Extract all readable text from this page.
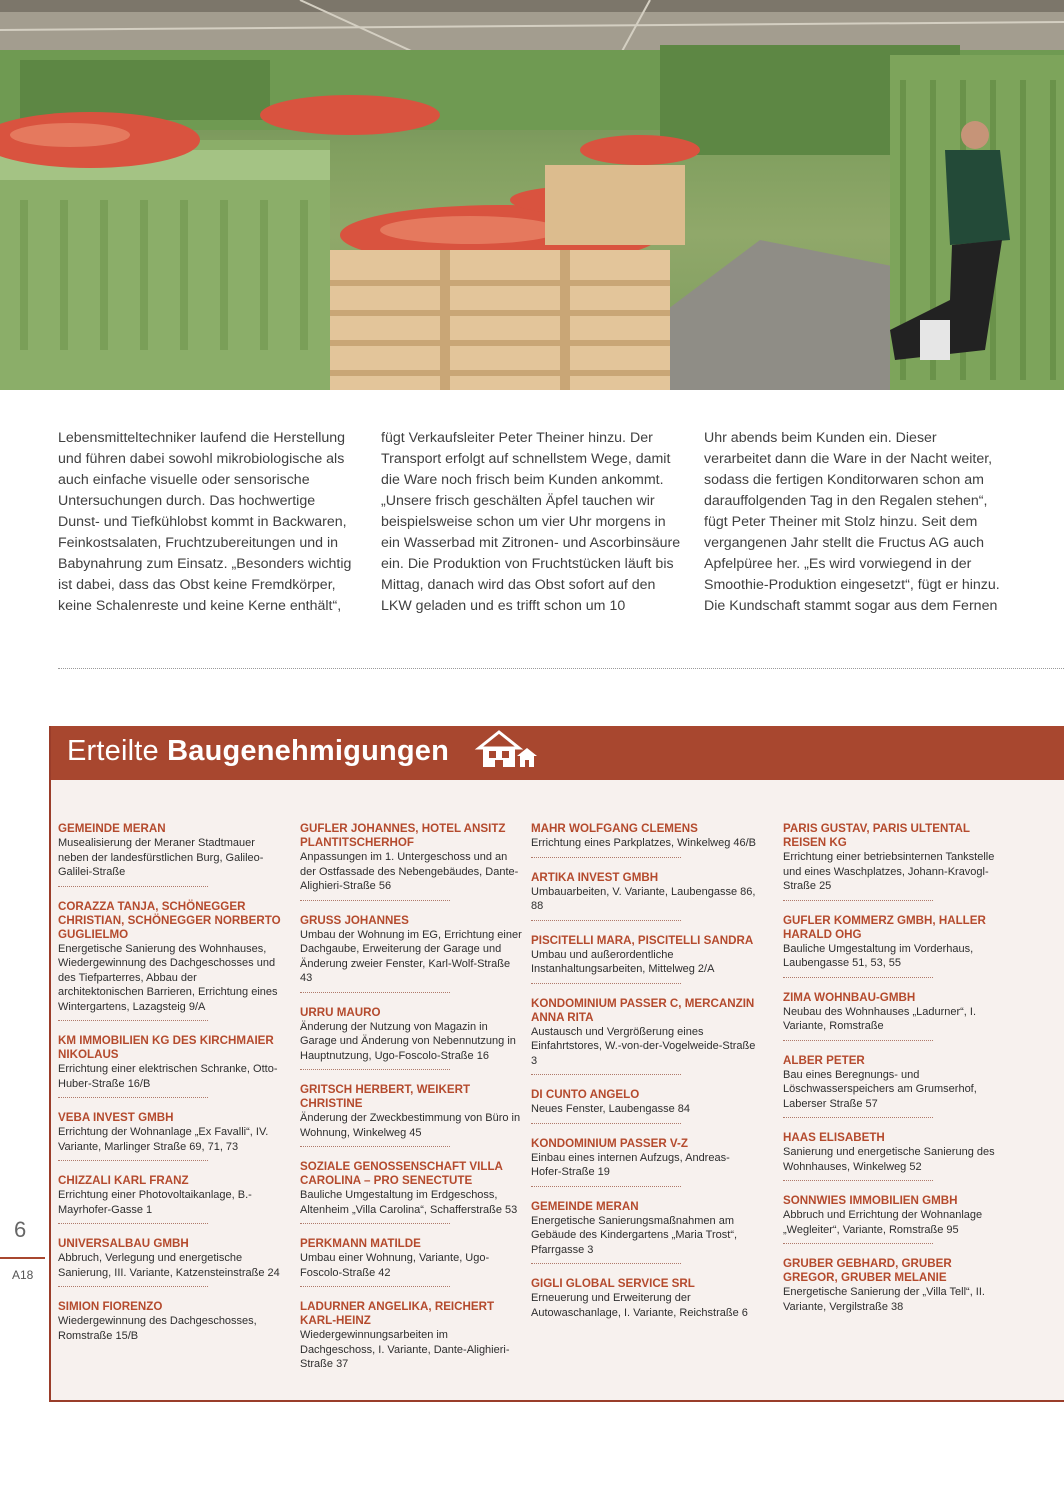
Lebensmitteltechniker laufend die Herstellung und führen dabei sowohl mikrobiologische als auch einfache visuelle oder sensorische Untersuchungen durch. Das hochwertige Dunst- und Tiefkühlobst kommt in Backwaren, Feinkostsalaten, Fruchtzubereitungen und in Babynahrung zum Einsatz. „Besonders wichtig ist dabei, dass das Obst keine Fremdkörper, keine Schalenreste und keine Kerne enthält“,
fügt Verkaufsleiter Peter Theiner hinzu. Der Transport erfolgt auf schnellstem Wege, damit die Ware noch frisch beim Kunden ankommt. „Unsere frisch geschälten Äpfel tauchen wir beispielsweise schon um vier Uhr morgens in ein Wasserbad mit Zitronen- und Ascorbinsäure ein. Die Produktion von Fruchtstücken läuft bis Mittag, danach wird das Obst sofort auf den LKW geladen und es trifft schon um 10
Uhr abends beim Kunden ein. Dieser verarbeitet dann die Ware in der Nacht weiter, sodass die fertigen Konditorwaren schon am darauffolgenden Tag in den Regalen stehen“, fügt Peter Theiner mit Stolz hinzu. Seit dem vergangenen Jahr stellt die Fructus AG auch Apfelpüree her. „Es wird vorwiegend in der Smoothie-Produktion eingesetzt“, fügt er hinzu. Die Kundschaft stammt sogar aus dem Fernen
Erteilte Baugenehmigungen
GEMEINDE MERAN
Musealisierung der Meraner Stadtmauer neben der landesfürstlichen Burg, Galileo-Galilei-Straße
CORAZZA TANJA, SCHÖNEGGER CHRISTIAN, SCHÖNEGGER NORBERTO GUGLIELMO
Energetische Sanierung des Wohnhauses, Wiedergewinnung des Dachgeschosses und des Tiefparterres, Abbau der architektonischen Barrieren, Errichtung eines Wintergartens, Lazagsteig 9/A
KM IMMOBILIEN KG DES KIRCHMAIER NIKOLAUS
Errichtung einer elektrischen Schranke, Otto-Huber-Straße 16/B
VEBA INVEST GMBH
Errichtung der Wohnanlage „Ex Favalli“, IV. Variante, Marlinger Straße 69, 71, 73
CHIZZALI KARL FRANZ
Errichtung einer Photovoltaikanlage, B.-Mayrhofer-Gasse 1
UNIVERSALBAU GMBH
Abbruch, Verlegung und energetische Sanierung, III. Variante, Katzensteinstraße 24
SIMION FIORENZO
Wiedergewinnung des Dachgeschosses, Romstraße 15/B
GUFLER JOHANNES, HOTEL ANSITZ PLANTITSCHERHOF
Anpassungen im 1. Untergeschoss und an der Ostfassade des Nebengebäudes, Dante-Alighieri-Straße 56
GRUSS JOHANNES
Umbau der Wohnung im EG, Errichtung einer Dachgaube, Erweiterung der Garage und Änderung zweier Fenster, Karl-Wolf-Straße 43
URRU MAURO
Änderung der Nutzung von Magazin in Garage und Änderung von Nebennutzung in Hauptnutzung, Ugo-Foscolo-Straße 16
GRITSCH HERBERT, WEIKERT CHRISTINE
Änderung der Zweckbestimmung von Büro in Wohnung, Winkelweg 45
SOZIALE GENOSSENSCHAFT VILLA CAROLINA – PRO SENECTUTE
Bauliche Umgestaltung im Erdgeschoss, Altenheim „Villa Carolina“, Schafferstraße 53
PERKMANN MATILDE
Umbau einer Wohnung, Variante, Ugo-Foscolo-Straße 42
LADURNER ANGELIKA, REICHERT KARL-HEINZ
Wiedergewinnungsarbeiten im Dachgeschoss, I. Variante, Dante-Alighieri-Straße 37
MAHR WOLFGANG CLEMENS
Errichtung eines Parkplatzes, Winkelweg 46/B
ARTIKA INVEST GMBH
Umbauarbeiten, V. Variante, Laubengasse 86, 88
PISCITELLI MARA, PISCITELLI SANDRA
Umbau und außerordentliche Instanhaltungsarbeiten, Mittelweg 2/A
KONDOMINIUM PASSER C, MERCANZIN ANNA RITA
Austausch und Vergrößerung eines Einfahrtstores, W.-von-der-Vogelweide-Straße 3
DI CUNTO ANGELO
Neues Fenster, Laubengasse 84
KONDOMINIUM PASSER V-Z
Einbau eines internen Aufzugs, Andreas-Hofer-Straße 19
GEMEINDE MERAN
Energetische Sanierungsmaßnahmen am Gebäude des Kindergartens „Maria Trost“, Pfarrgasse 3
GIGLI GLOBAL SERVICE SRL
Erneuerung und Erweiterung der Autowaschanlage, I. Variante, Reichstraße 6
PARIS GUSTAV, PARIS ULTENTAL REISEN KG
Errichtung einer betriebsinternen Tankstelle und eines Waschplatzes, Johann-Kravogl-Straße 25
GUFLER KOMMERZ GMBH, HALLER HARALD OHG
Bauliche Umgestaltung im Vorderhaus, Laubengasse 51, 53, 55
ZIMA WOHNBAU-GMBH
Neubau des Wohnhauses „Ladurner“, I. Variante, Romstraße
ALBER PETER
Bau eines Beregnungs- und Löschwasserspeichers am Grumserhof, Laberser Straße 57
HAAS ELISABETH
Sanierung und energetische Sanierung des Wohnhauses, Winkelweg 52
SONNWIES IMMOBILIEN GMBH
Abbruch und Errichtung der Wohnanlage „Wegleiter“, Variante, Romstraße 95
GRUBER GEBHARD, GRUBER GREGOR, GRUBER MELANIE
Energetische Sanierung der „Villa Tell“, II. Variante, Vergilstraße 38
6
A18
